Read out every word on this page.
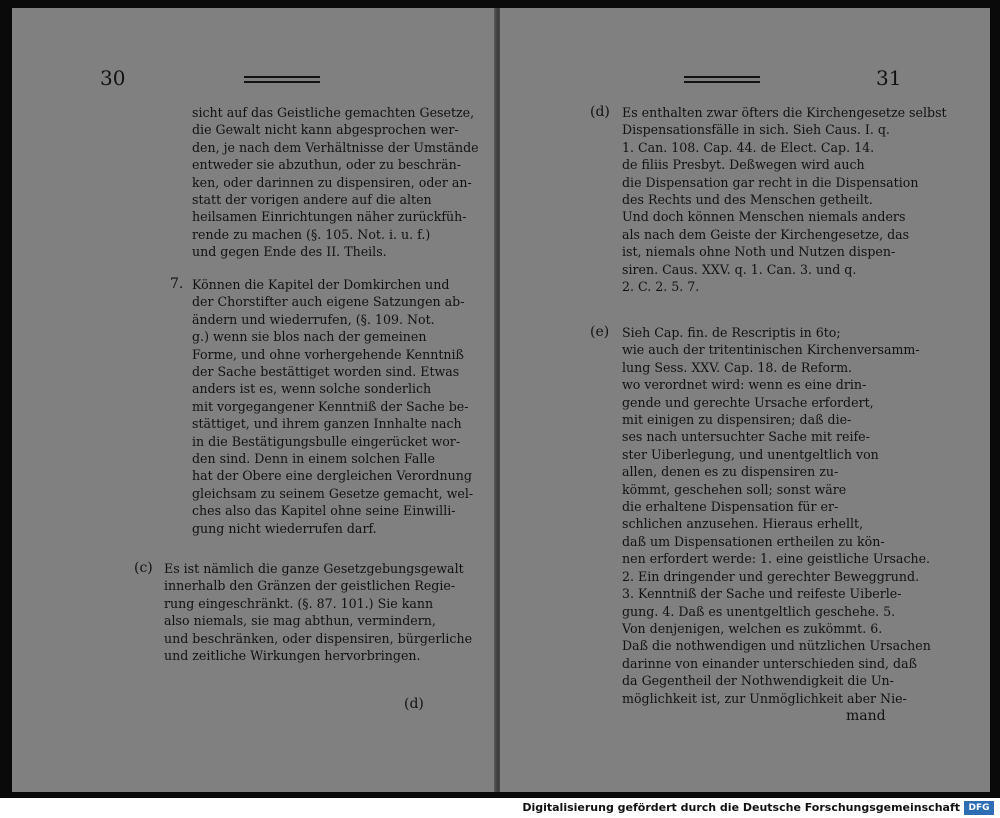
30
sicht auf das Geistliche gemachten Gesetze,
die Gewalt nicht kann abgesprochen wer-
den, je nach dem Verhältnisse der Umstände
entweder sie abzuthun, oder zu beschrän-
ken, oder darinnen zu dispensiren, oder an-
statt der vorigen andere auf die alten
heilsamen Einrichtungen näher zurückfüh-
rende zu machen (§. 105. Not. i. u. f.)
und gegen Ende des II. Theils.
7. Können die Kapitel der Domkirchen und
der Chorstifter auch eigene Satzungen ab-
ändern und wiederrufen, (§. 109. Not.
g.) wenn sie blos nach der gemeinen
Forme, und ohne vorhergehende Kenntniß
der Sache bestättiget worden sind. Etwas
anders ist es, wenn solche sonderlich
mit vorgegangener Kenntniß der Sache be-
stättiget, und ihrem ganzen Innhalte nach
in die Bestätigungsbulle eingerücket wor-
den sind. Denn in einem solchen Falle
hat der Obere eine dergleichen Verordnung
gleichsam zu seinem Gesetze gemacht, wel-
ches also das Kapitel ohne seine Einwilli-
gung nicht wiederrufen darf.
(c) Es ist nämlich die ganze Gesetzgebungsgewalt
innerhalb den Gränzen der geistlichen Regie-
rung eingeschränkt. (§. 87. 101.) Sie kann
also niemals, sie mag abthun, vermindern,
und beschränken, oder dispensiren, bürgerliche
und zeitliche Wirkungen hervorbringen.
(d)
31
(d) Es enthalten zwar öfters die Kirchengesetze selbst
Dispensationsfälle in sich. Sieh Caus. I. q.
1. Can. 108. Cap. 44. de Elect. Cap. 14.
de filiis Presbyt. Deßwegen wird auch
die Dispensation gar recht in die Dispensation
des Rechts und des Menschen getheilt.
Und doch können Menschen niemals anders
als nach dem Geiste der Kirchengesetze, das
ist, niemals ohne Noth und Nutzen dispen-
siren. Caus. XXV. q. 1. Can. 3. und q.
2. C. 2. 5. 7.
(e) Sieh Cap. fin. de Rescriptis in 6to;
wie auch der tritentinischen Kirchenversamm-
lung Sess. XXV. Cap. 18. de Reform.
wo verordnet wird: wenn es eine drin-
gende und gerechte Ursache erfordert,
mit einigen zu dispensiren; daß die-
ses nach untersuchter Sache mit reife-
ster Uiberlegung, und unentgeltlich von
allen, denen es zu dispensiren zu-
kömmt, geschehen soll; sonst wäre
die erhaltene Dispensation für er-
schlichen anzusehen. Hieraus erhellt,
daß um Dispensationen ertheilen zu kön-
nen erfordert werde: 1. eine geistliche Ursache.
2. Ein dringender und gerechter Beweggrund.
3. Kenntniß der Sache und reifeste Uiberle-
gung. 4. Daß es unentgeltlich geschehe. 5.
Von denjenigen, welchen es zukömmt. 6.
Daß die nothwendigen und nützlichen Ursachen
darinne von einander unterschieden sind, daß
da Gegentheil der Nothwendigkeit die Un-
möglichkeit ist, zur Unmöglichkeit aber Nie-
mand
Digitalisierung gefördert durch die Deutsche Forschungsgemeinschaft DFG
